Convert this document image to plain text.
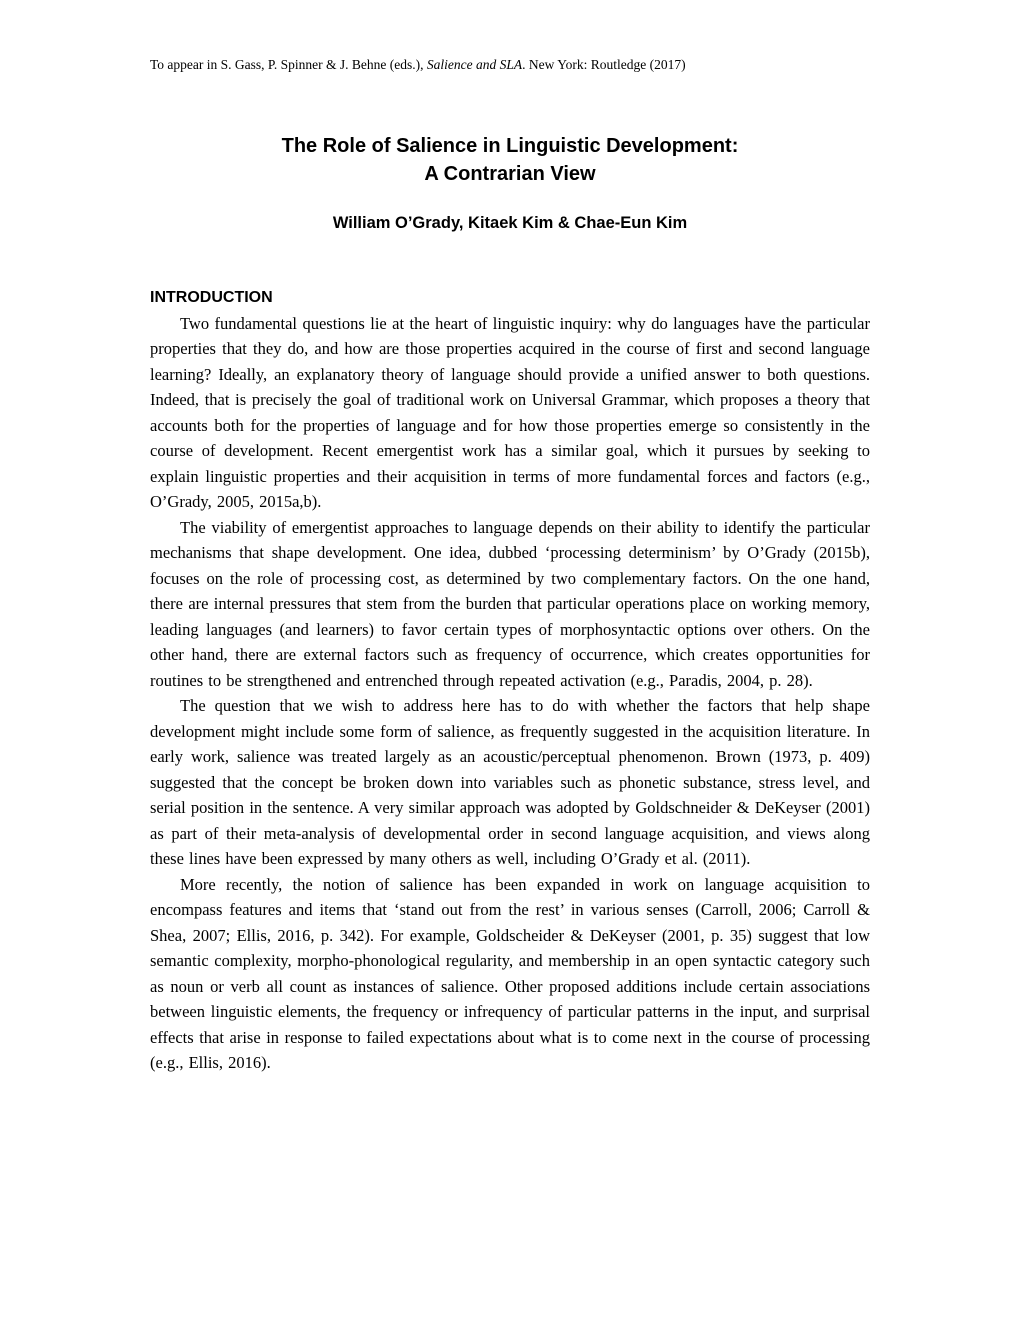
To appear in S. Gass, P. Spinner & J. Behne (eds.), Salience and SLA. New York: Routledge (2017)

The Role of Salience in Linguistic Development:
A Contrarian View
William O’Grady, Kitaek Kim & Chae-Eun Kim
INTRODUCTION

Two fundamental questions lie at the heart of linguistic inquiry: why do languages have the particular properties that they do, and how are those properties acquired in the course of first and second language learning? Ideally, an explanatory theory of language should provide a unified answer to both questions. Indeed, that is precisely the goal of traditional work on Universal Grammar, which proposes a theory that accounts both for the properties of language and for how those properties emerge so consistently in the course of development. Recent emergentist work has a similar goal, which it pursues by seeking to explain linguistic properties and their acquisition in terms of more fundamental forces and factors (e.g., O’Grady, 2005, 2015a,b).

The viability of emergentist approaches to language depends on their ability to identify the particular mechanisms that shape development. One idea, dubbed ‘processing determinism’ by O’Grady (2015b), focuses on the role of processing cost, as determined by two complementary factors. On the one hand, there are internal pressures that stem from the burden that particular operations place on working memory, leading languages (and learners) to favor certain types of morphosyntactic options over others. On the other hand, there are external factors such as frequency of occurrence, which creates opportunities for routines to be strengthened and entrenched through repeated activation (e.g., Paradis, 2004, p. 28).

The question that we wish to address here has to do with whether the factors that help shape development might include some form of salience, as frequently suggested in the acquisition literature. In early work, salience was treated largely as an acoustic/perceptual phenomenon. Brown (1973, p. 409) suggested that the concept be broken down into variables such as phonetic substance, stress level, and serial position in the sentence. A very similar approach was adopted by Goldschneider & DeKeyser (2001) as part of their meta-analysis of developmental order in second language acquisition, and views along these lines have been expressed by many others as well, including O’Grady et al. (2011).

More recently, the notion of salience has been expanded in work on language acquisition to encompass features and items that ‘stand out from the rest’ in various senses (Carroll, 2006; Carroll & Shea, 2007; Ellis, 2016, p. 342). For example, Goldscheider & DeKeyser (2001, p. 35) suggest that low semantic complexity, morpho-phonological regularity, and membership in an open syntactic category such as noun or verb all count as instances of salience. Other proposed additions include certain associations between linguistic elements, the frequency or infrequency of particular patterns in the input, and surprisal effects that arise in response to failed expectations about what is to come next in the course of processing (e.g., Ellis, 2016).
